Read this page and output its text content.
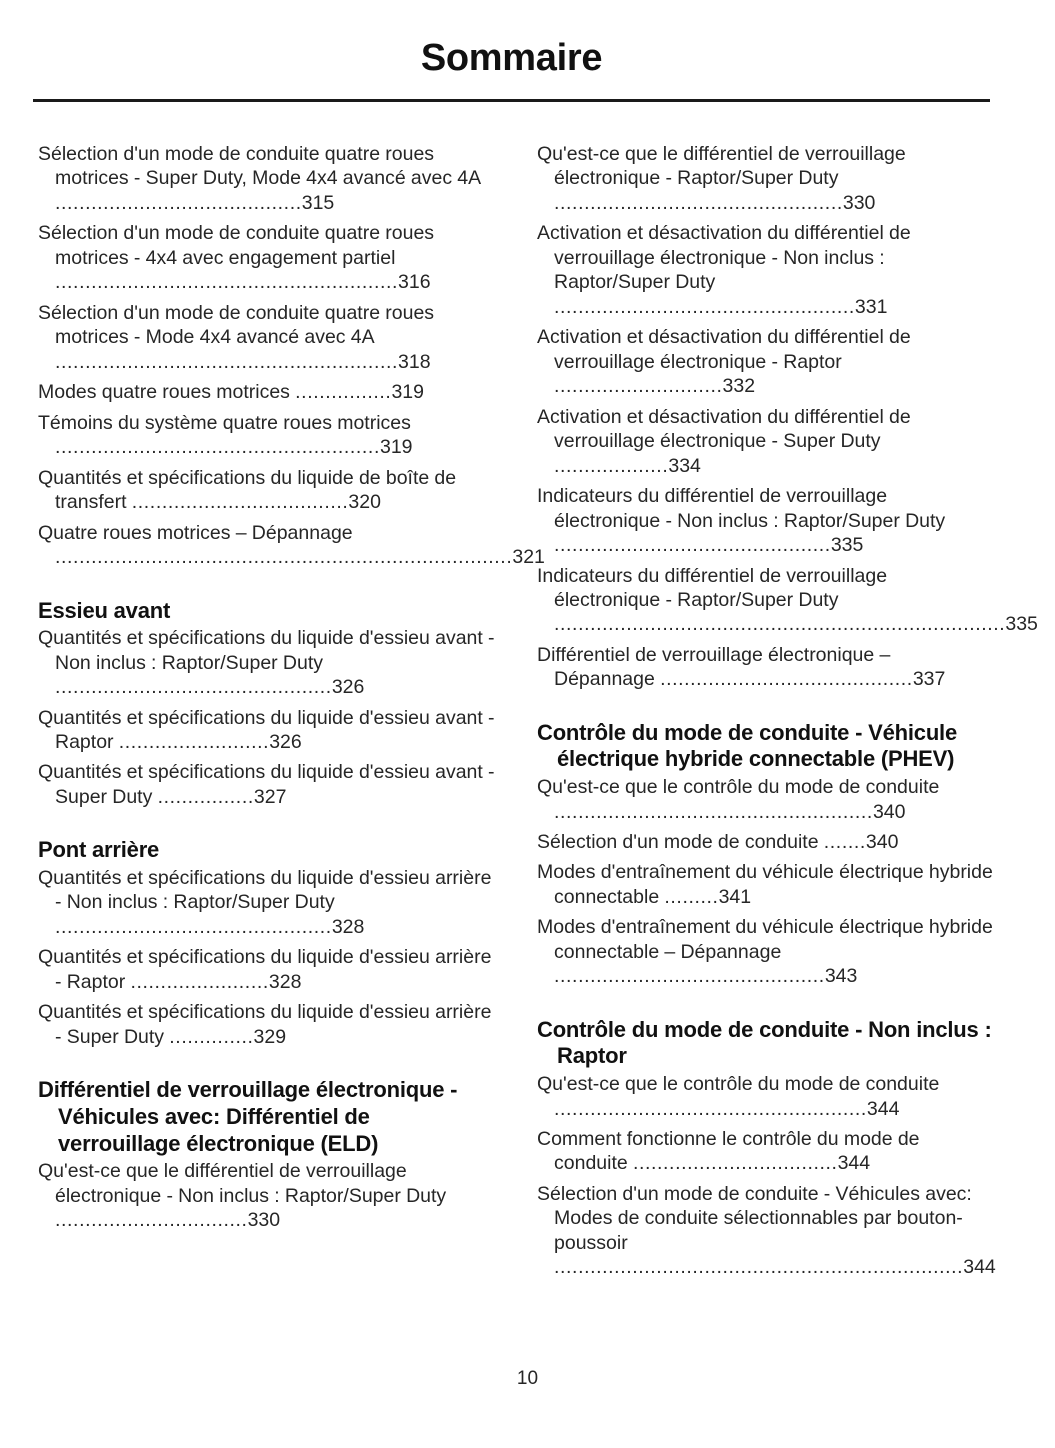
Sommaire
Sélection d'un mode de conduite quatre roues motrices - Super Duty, Mode 4x4 avancé avec 4A .........................................315
Sélection d'un mode de conduite quatre roues motrices - 4x4 avec engagement partiel .........................................................316
Sélection d'un mode de conduite quatre roues motrices - Mode 4x4 avancé avec 4A .........................................................318
Modes quatre roues motrices ................319
Témoins du système quatre roues motrices ......................................................319
Quantités et spécifications du liquide de boîte de transfert ....................................320
Quatre roues motrices – Dépannage ............................................................................321
Essieu avant
Quantités et spécifications du liquide d'essieu avant - Non inclus : Raptor/Super Duty ..............................................326
Quantités et spécifications du liquide d'essieu avant - Raptor .........................326
Quantités et spécifications du liquide d'essieu avant - Super Duty ................327
Pont arrière
Quantités et spécifications du liquide d'essieu arrière - Non inclus : Raptor/Super Duty ..............................................328
Quantités et spécifications du liquide d'essieu arrière - Raptor .......................328
Quantités et spécifications du liquide d'essieu arrière - Super Duty ..............329
Différentiel de verrouillage électronique - Véhicules avec: Différentiel de verrouillage électronique (ELD)
Qu'est-ce que le différentiel de verrouillage électronique - Non inclus : Raptor/Super Duty ................................330
Qu'est-ce que le différentiel de verrouillage électronique - Raptor/Super Duty ................................................330
Activation et désactivation du différentiel de verrouillage électronique - Non inclus : Raptor/Super Duty ..................................................331
Activation et désactivation du différentiel de verrouillage électronique - Raptor ............................332
Activation et désactivation du différentiel de verrouillage électronique - Super Duty ...................334
Indicateurs du différentiel de verrouillage électronique - Non inclus : Raptor/Super Duty ..............................................335
Indicateurs du différentiel de verrouillage électronique - Raptor/Super Duty ...........................................................................335
Différentiel de verrouillage électronique – Dépannage ..........................................337
Contrôle du mode de conduite - Véhicule électrique hybride connectable (PHEV)
Qu'est-ce que le contrôle du mode de conduite .....................................................340
Sélection d'un mode de conduite .......340
Modes d'entraînement du véhicule électrique hybride connectable .........341
Modes d'entraînement du véhicule électrique hybride connectable – Dépannage .............................................343
Contrôle du mode de conduite - Non inclus : Raptor
Qu'est-ce que le contrôle du mode de conduite ....................................................344
Comment fonctionne le contrôle du mode de conduite ..................................344
Sélection d'un mode de conduite - Véhicules avec: Modes de conduite sélectionnables par bouton-poussoir ....................................................................344
10
